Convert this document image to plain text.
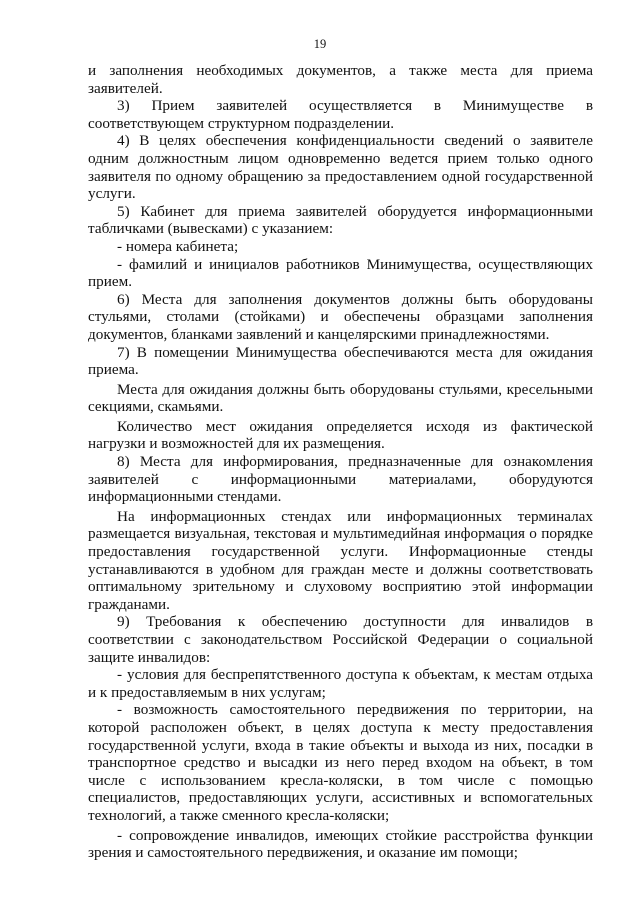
19

и заполнения необходимых документов, а также места для приема заявителей.

3) Прием заявителей осуществляется в Минимуществе в соответствующем структурном подразделении.

4) В целях обеспечения конфиденциальности сведений о заявителе одним должностным лицом одновременно ведется прием только одного заявителя по одному обращению за предоставлением одной государственной услуги.

5) Кабинет для приема заявителей оборудуется информационными табличками (вывесками) с указанием:

- номера кабинета;

- фамилий и инициалов работников Минимущества, осуществляющих прием.

6) Места для заполнения документов должны быть оборудованы стульями, столами (стойками) и обеспечены образцами заполнения документов, бланками заявлений и канцелярскими принадлежностями.

7) В помещении Минимущества обеспечиваются места для ожидания приема.

Места для ожидания должны быть оборудованы стульями, кресельными секциями, скамьями.

Количество мест ожидания определяется исходя из фактической нагрузки и возможностей для их размещения.

8) Места для информирования, предназначенные для ознакомления заявителей с информационными материалами, оборудуются информационными стендами.

На информационных стендах или информационных терминалах размещается визуальная, текстовая и мультимедийная информация о порядке предоставления государственной услуги. Информационные стенды устанавливаются в удобном для граждан месте и должны соответствовать оптимальному зрительному и слуховому восприятию этой информации гражданами.

9) Требования к обеспечению доступности для инвалидов в соответствии с законодательством Российской Федерации о социальной защите инвалидов:

- условия для беспрепятственного доступа к объектам, к местам отдыха и к предоставляемым в них услугам;

- возможность самостоятельного передвижения по территории, на которой расположен объект, в целях доступа к месту предоставления государственной услуги, входа в такие объекты и выхода из них, посадки в транспортное средство и высадки из него перед входом на объект, в том числе с использованием кресла-коляски, в том числе с помощью специалистов, предоставляющих услуги, ассистивных и вспомогательных технологий, а также сменного кресла-коляски;

- сопровождение инвалидов, имеющих стойкие расстройства функции зрения и самостоятельного передвижения, и оказание им помощи;
